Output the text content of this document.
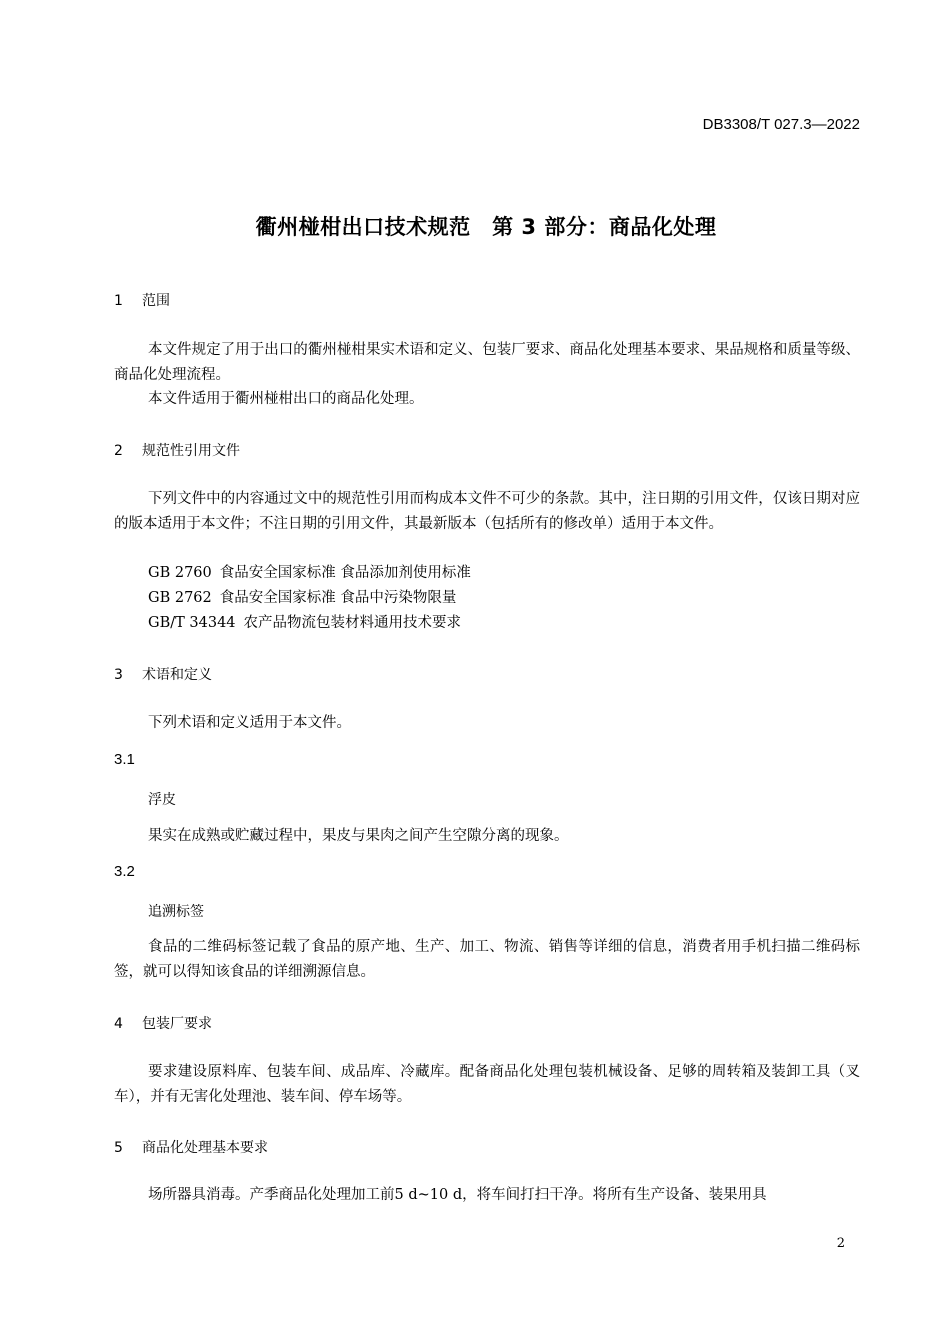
DB3308/T 027.3—2022
衢州椪柑出口技术规范　第 3 部分：商品化处理
1 范围
本文件规定了用于出口的衢州椪柑果实术语和定义、包装厂要求、商品化处理基本要求、果品规格和质量等级、商品化处理流程。
本文件适用于衢州椪柑出口的商品化处理。
2 规范性引用文件
下列文件中的内容通过文中的规范性引用而构成本文件不可少的条款。其中，注日期的引用文件，仅该日期对应的版本适用于本文件；不注日期的引用文件，其最新版本（包括所有的修改单）适用于本文件。
GB 2760 食品安全国家标准 食品添加剂使用标准
GB 2762 食品安全国家标准 食品中污染物限量
GB/T 34344 农产品物流包装材料通用技术要求
3 术语和定义
下列术语和定义适用于本文件。
3.1
浮皮
果实在成熟或贮藏过程中，果皮与果肉之间产生空隙分离的现象。
3.2
追溯标签
食品的二维码标签记载了食品的原产地、生产、加工、物流、销售等详细的信息，消费者用手机扫描二维码标签，就可以得知该食品的详细溯源信息。
4 包装厂要求
要求建设原料库、包装车间、成品库、冷藏库。配备商品化处理包装机械设备、足够的周转箱及装卸工具（叉车），并有无害化处理池、装车间、停车场等。
5 商品化处理基本要求
场所器具消毒。产季商品化处理加工前5 d~10 d，将车间打扫干净。将所有生产设备、装果用具
2
